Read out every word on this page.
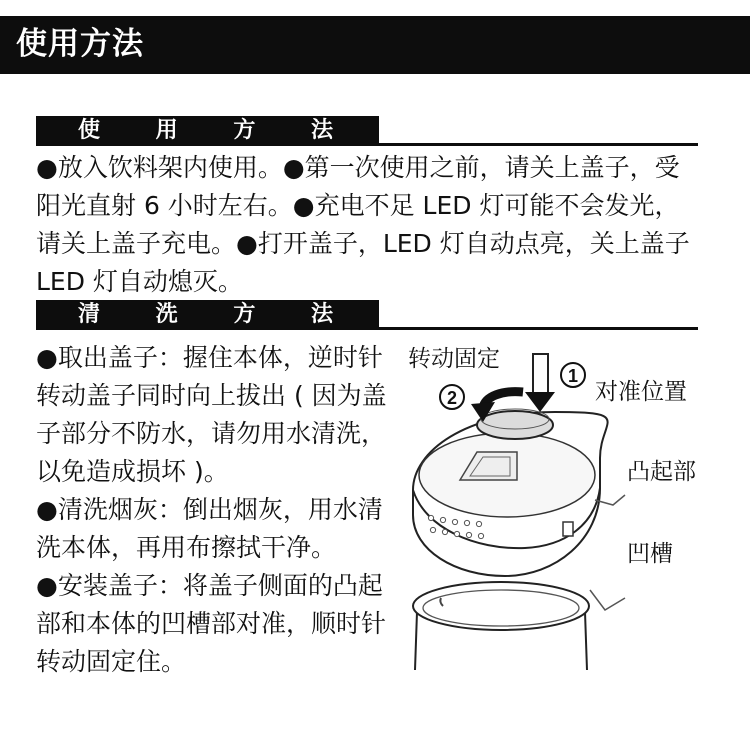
使用方法
使 用 方 法
●放入饮料架内使用。●第一次使用之前，请关上盖子，受阳光直射 6 小时左右。●充电不足 LED 灯可能不会发光，请关上盖子充电。●打开盖子，LED 灯自动点亮，关上盖子 LED 灯自动熄灭。
清 洗 方 法
●取出盖子：握住本体，逆时针转动盖子同时向上拔出 ( 因为盖子部分不防水，请勿用水清洗，以免造成损坏 )。
●清洗烟灰：倒出烟灰，用水清洗本体，再用布擦拭干净。
●安装盖子：将盖子侧面的凸起部和本体的凹槽部对准，顺时针转动固定住。
1
2
转动固定
对准位置
凸起部
凹槽
